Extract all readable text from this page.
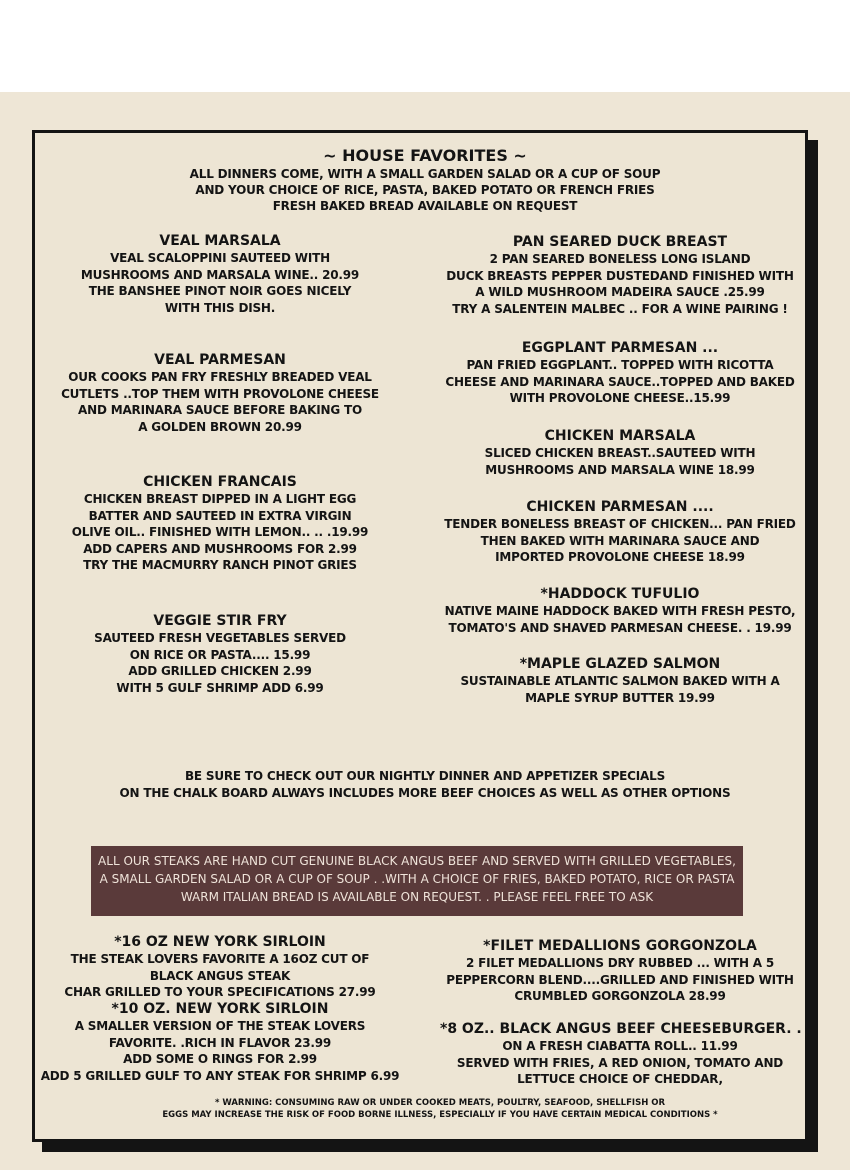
~ HOUSE FAVORITES ~
ALL DINNERS COME, WITH A SMALL GARDEN SALAD OR A CUP OF SOUP
AND YOUR CHOICE OF RICE, PASTA, BAKED POTATO OR FRENCH FRIES
FRESH BAKED BREAD AVAILABLE ON REQUEST
VEAL MARSALA
VEAL SCALOPPINI SAUTEED WITH
MUSHROOMS AND MARSALA WINE.. 20.99
THE BANSHEE PINOT NOIR GOES NICELY
WITH THIS DISH.
VEAL PARMESAN
OUR COOKS PAN FRY FRESHLY BREADED VEAL
CUTLETS ..TOP THEM WITH PROVOLONE CHEESE
AND MARINARA SAUCE BEFORE BAKING TO
A GOLDEN BROWN 20.99
CHICKEN FRANCAIS
CHICKEN BREAST DIPPED IN A LIGHT EGG
BATTER AND SAUTEED IN EXTRA VIRGIN
OLIVE OIL.. FINISHED WITH LEMON.. .. .19.99
ADD CAPERS AND MUSHROOMS FOR 2.99
TRY THE MACMURRY RANCH PINOT GRIES
VEGGIE STIR FRY
SAUTEED FRESH VEGETABLES SERVED
ON RICE OR PASTA.... 15.99
ADD GRILLED CHICKEN 2.99
WITH 5 GULF SHRIMP ADD 6.99
PAN SEARED DUCK BREAST
2 PAN SEARED BONELESS LONG ISLAND
DUCK BREASTS PEPPER DUSTEDAND FINISHED WITH
A WILD MUSHROOM MADEIRA SAUCE .25.99
TRY A SALENTEIN MALBEC .. FOR A WINE PAIRING !
EGGPLANT PARMESAN ...
PAN FRIED EGGPLANT.. TOPPED WITH RICOTTA
CHEESE AND MARINARA SAUCE..TOPPED AND BAKED
WITH PROVOLONE CHEESE..15.99
CHICKEN MARSALA
SLICED CHICKEN BREAST..SAUTEED WITH
MUSHROOMS AND MARSALA WINE 18.99
CHICKEN PARMESAN ....
TENDER BONELESS BREAST OF CHICKEN... PAN FRIED
THEN BAKED WITH MARINARA SAUCE AND
IMPORTED PROVOLONE CHEESE 18.99
*HADDOCK TUFULIO
NATIVE MAINE HADDOCK BAKED WITH FRESH PESTO,
TOMATO'S AND SHAVED PARMESAN CHEESE. . 19.99
*MAPLE GLAZED SALMON
SUSTAINABLE ATLANTIC SALMON BAKED WITH A
MAPLE SYRUP BUTTER 19.99
BE SURE TO CHECK OUT OUR NIGHTLY DINNER AND APPETIZER SPECIALS
ON THE CHALK BOARD ALWAYS INCLUDES MORE BEEF CHOICES AS WELL AS OTHER OPTIONS
ALL OUR STEAKS ARE HAND CUT GENUINE BLACK ANGUS BEEF AND SERVED WITH GRILLED VEGETABLES,
A SMALL GARDEN SALAD OR A CUP OF SOUP . .WITH A CHOICE OF FRIES, BAKED POTATO, RICE OR PASTA
WARM ITALIAN BREAD IS AVAILABLE ON REQUEST. . PLEASE FEEL FREE TO ASK
*16 OZ NEW YORK SIRLOIN
THE STEAK LOVERS FAVORITE A 16OZ CUT OF
BLACK ANGUS STEAK
CHAR GRILLED TO YOUR SPECIFICATIONS 27.99
*10 OZ. NEW YORK SIRLOIN
A SMALLER VERSION OF THE STEAK LOVERS
FAVORITE. .RICH IN FLAVOR 23.99
ADD SOME O RINGS FOR 2.99
ADD 5 GRILLED GULF TO ANY STEAK FOR SHRIMP 6.99
*FILET MEDALLIONS GORGONZOLA
2 FILET MEDALLIONS DRY RUBBED ... WITH A 5
PEPPERCORN BLEND....GRILLED AND FINISHED WITH
CRUMBLED GORGONZOLA 28.99
*8 OZ.. BLACK ANGUS BEEF CHEESEBURGER. .
ON A FRESH CIABATTA ROLL.. 11.99
SERVED WITH FRIES, A RED ONION, TOMATO AND
LETTUCE CHOICE OF CHEDDAR,
* WARNING: CONSUMING RAW OR UNDER COOKED MEATS, POULTRY, SEAFOOD, SHELLFISH OR
EGGS MAY INCREASE THE RISK OF FOOD BORNE ILLNESS, ESPECIALLY IF YOU HAVE CERTAIN MEDICAL CONDITIONS *
